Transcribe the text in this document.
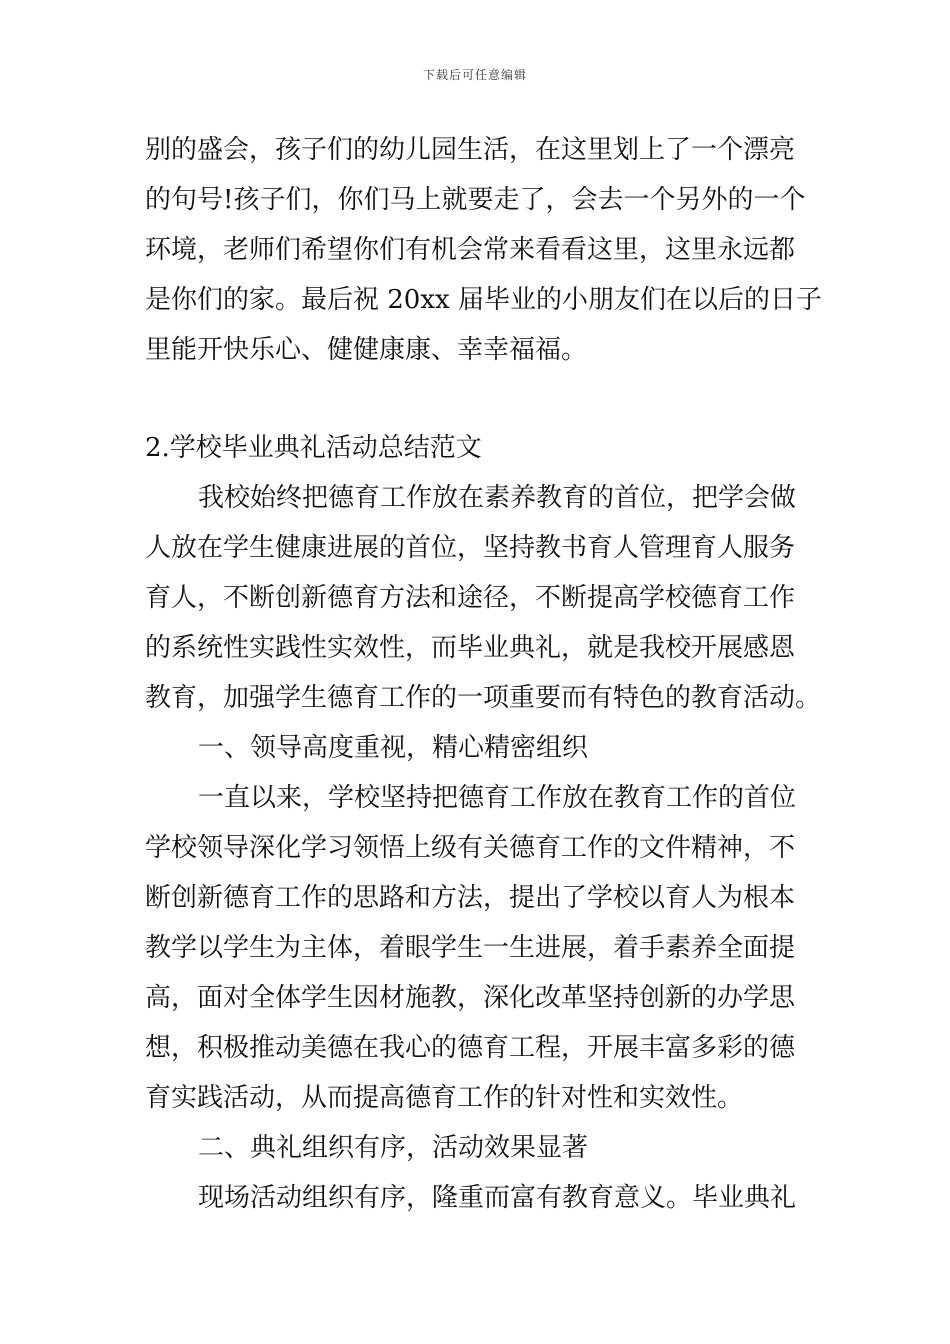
下载后可任意编辑
别的盛会，孩子们的幼儿园生活，在这里划上了一个漂亮
的句号!孩子们，你们马上就要走了，会去一个另外的一个
环境，老师们希望你们有机会常来看看这里，这里永远都
是你们的家。最后祝 20xx 届毕业的小朋友们在以后的日子
里能开快乐心、健健康康、幸幸福福。
2.学校毕业典礼活动总结范文
我校始终把德育工作放在素养教育的首位，把学会做
人放在学生健康进展的首位，坚持教书育人管理育人服务
育人，不断创新德育方法和途径，不断提高学校德育工作
的系统性实践性实效性，而毕业典礼，就是我校开展感恩
教育，加强学生德育工作的一项重要而有特色的教育活动。
一、领导高度重视，精心精密组织
一直以来，学校坚持把德育工作放在教育工作的首位
学校领导深化学习领悟上级有关德育工作的文件精神，不
断创新德育工作的思路和方法，提出了学校以育人为根本
教学以学生为主体，着眼学生一生进展，着手素养全面提
高，面对全体学生因材施教，深化改革坚持创新的办学思
想，积极推动美德在我心的德育工程，开展丰富多彩的德
育实践活动，从而提高德育工作的针对性和实效性。
二、典礼组织有序，活动效果显著
现场活动组织有序，隆重而富有教育意义。毕业典礼
